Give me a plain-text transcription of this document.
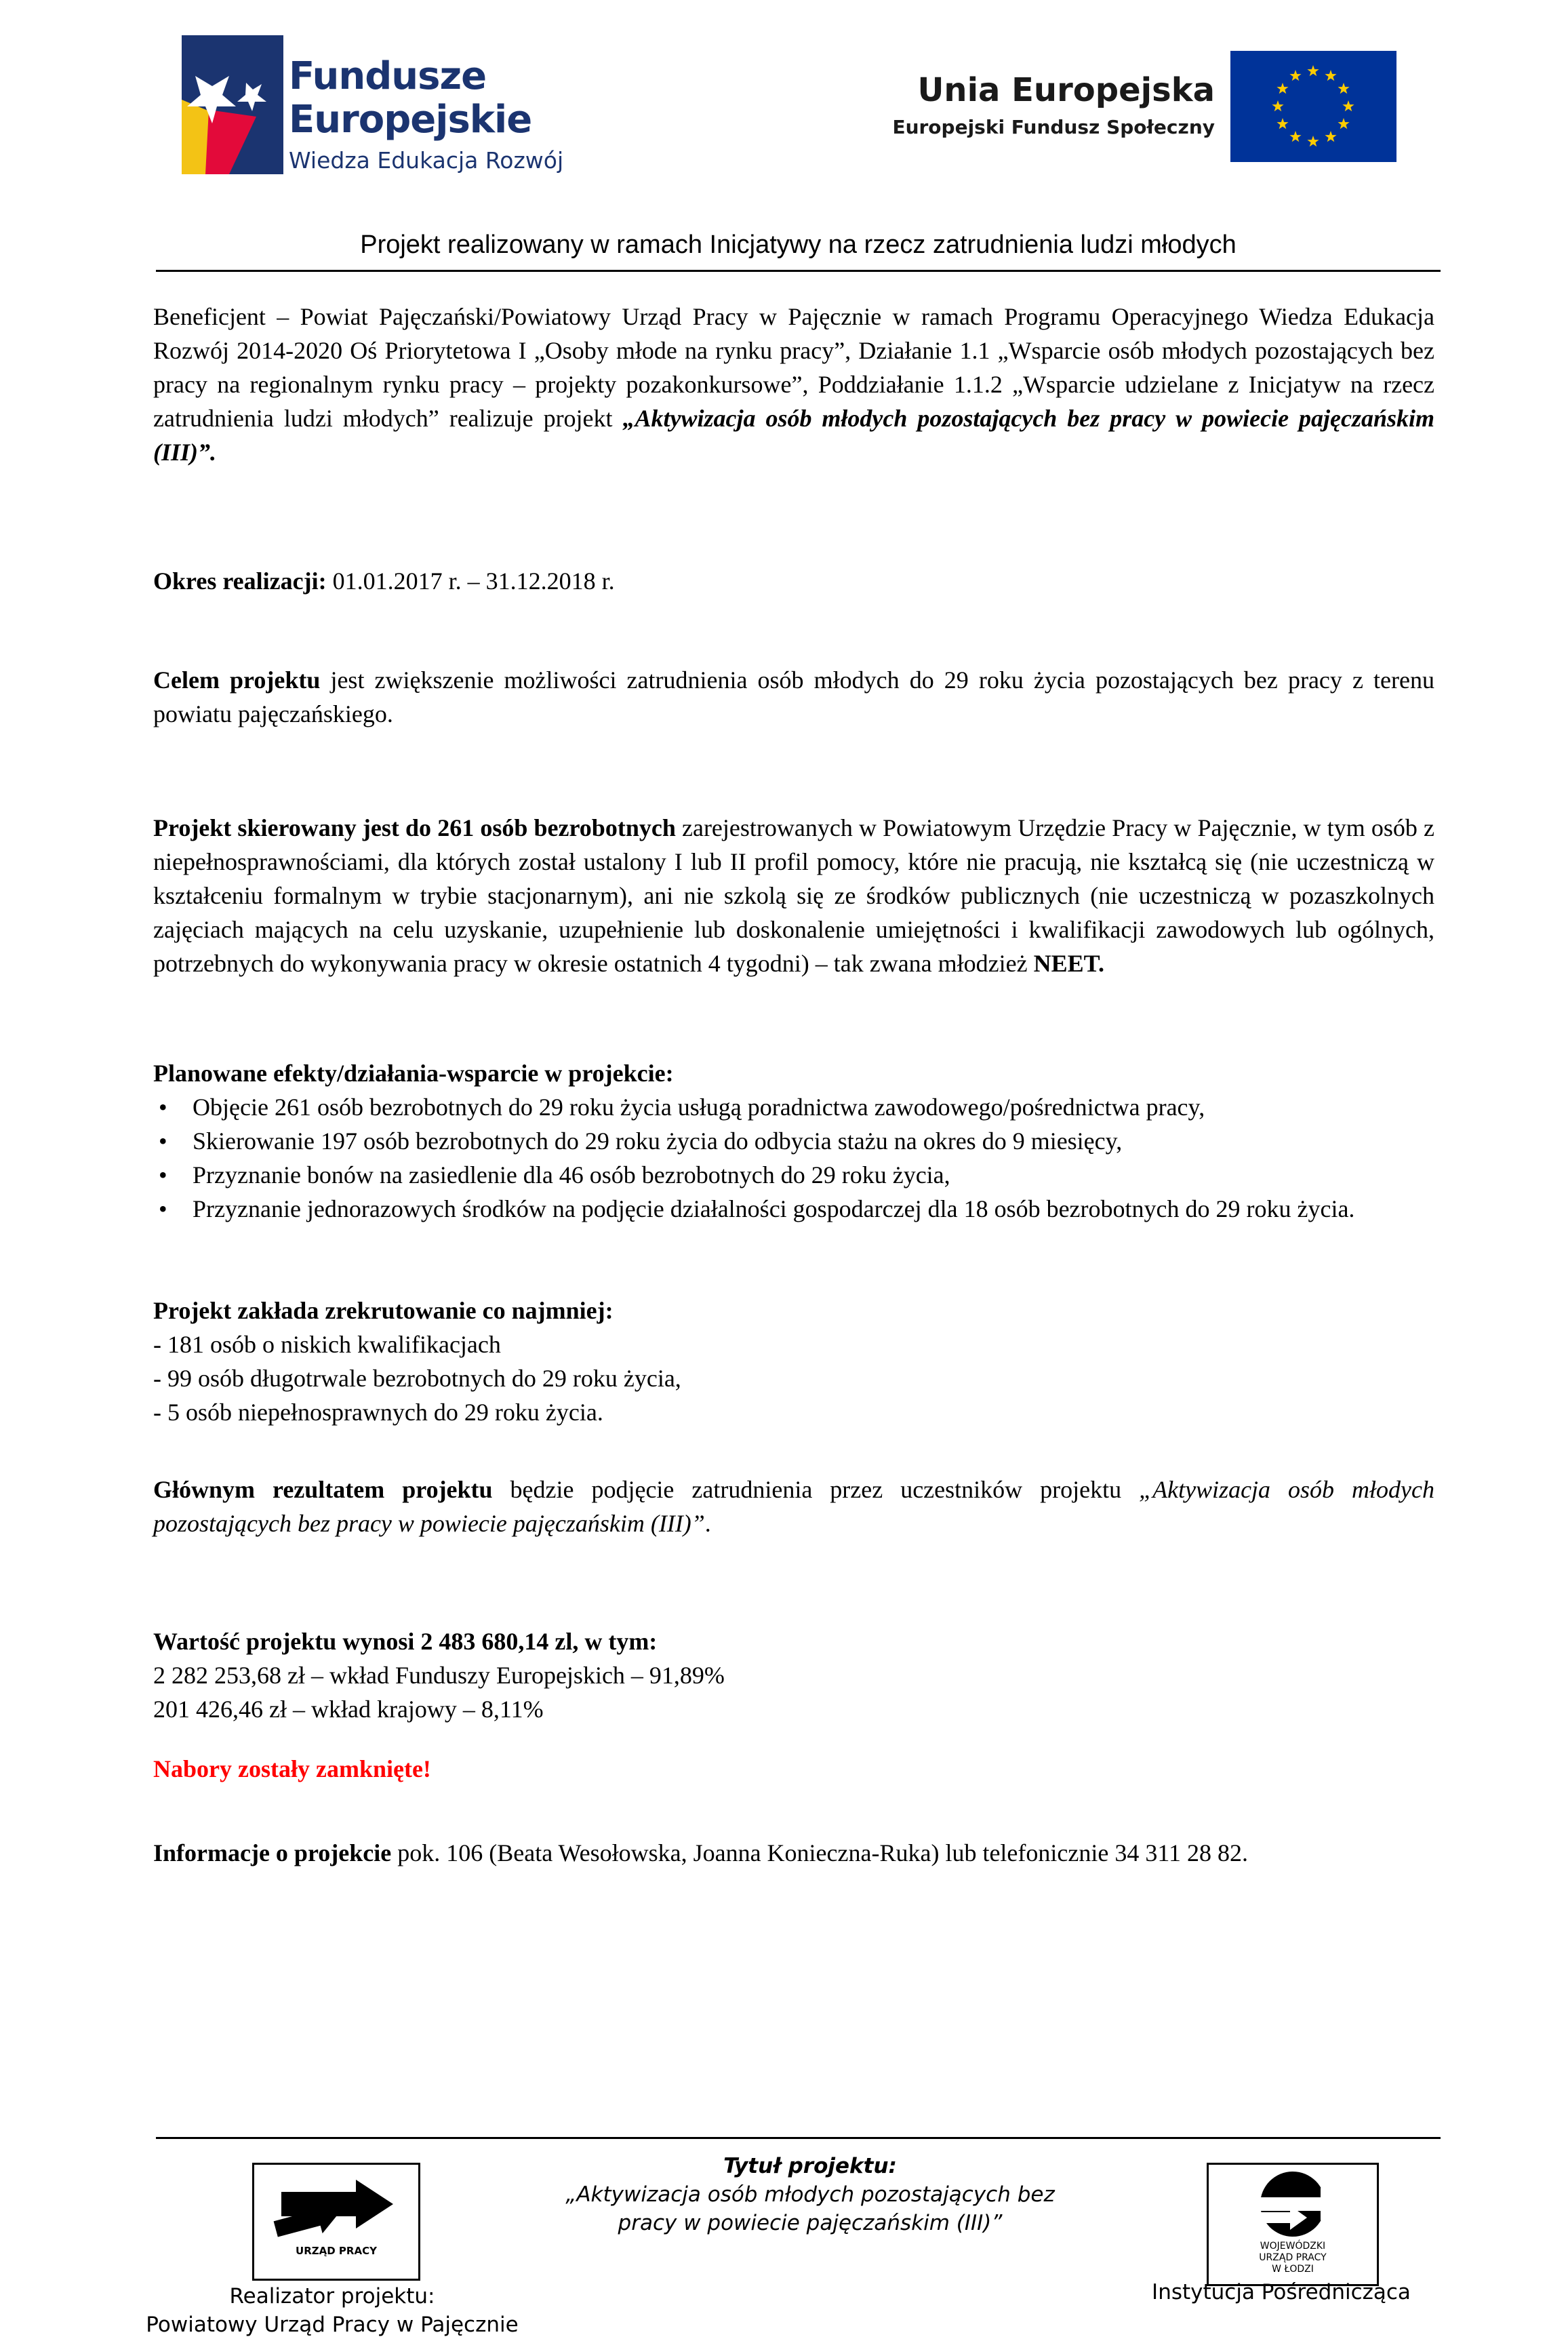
Fundusze
Europejskie
Wiedza Edukacja Rozwój
Unia Europejska
Europejski Fundusz Społeczny
Projekt realizowany w ramach Inicjatywy na rzecz zatrudnienia ludzi młodych

Beneficjent – Powiat Pajęczański/Powiatowy Urząd Pracy w Pajęcznie w ramach Programu Operacyjnego Wiedza Edukacja Rozwój 2014-2020 Oś Priorytetowa I „Osoby młode na rynku pracy”, Działanie 1.1 „Wsparcie osób młodych pozostających bez pracy na regionalnym rynku pracy – projekty pozakonkursowe”, Poddziałanie 1.1.2 „Wsparcie udzielane z Inicjatyw na rzecz zatrudnienia ludzi młodych” realizuje projekt „Aktywizacja osób młodych pozostających bez pracy w powiecie pajęczańskim (III)”.

Okres realizacji: 01.01.2017 r. – 31.12.2018 r.

Celem projektu jest zwiększenie możliwości zatrudnienia osób młodych do 29 roku życia pozostających bez pracy z terenu powiatu pajęczańskiego.

Projekt skierowany jest do 261 osób bezrobotnych zarejestrowanych w Powiatowym Urzędzie Pracy w Pajęcznie, w tym osób z niepełnosprawnościami, dla których został ustalony I lub II profil pomocy, które nie pracują, nie kształcą się (nie uczestniczą w kształceniu formalnym w trybie stacjonarnym), ani nie szkolą się ze środków publicznych (nie uczestniczą w pozaszkolnych zajęciach mających na celu uzyskanie, uzupełnienie lub doskonalenie umiejętności i kwalifikacji zawodowych lub ogólnych, potrzebnych do wykonywania pracy w okresie ostatnich 4 tygodni) – tak zwana młodzież NEET.

Planowane efekty/działania-wsparcie w projekcie:

• Objęcie 261 osób bezrobotnych do 29 roku życia usługą poradnictwa zawodowego/pośrednictwa pracy,
• Skierowanie 197 osób bezrobotnych do 29 roku życia do odbycia stażu na okres do 9 miesięcy,
• Przyznanie bonów na zasiedlenie dla 46 osób bezrobotnych do 29 roku życia,
• Przyznanie jednorazowych środków na podjęcie działalności gospodarczej dla 18 osób bezrobotnych do 29 roku życia.

Projekt zakłada zrekrutowanie co najmniej:

- 181 osób o niskich kwalifikacjach

- 99 osób długotrwale bezrobotnych do 29 roku życia,

- 5 osób niepełnosprawnych do 29 roku życia.

Głównym rezultatem projektu będzie podjęcie zatrudnienia przez uczestników projektu „Aktywizacja osób młodych pozostających bez pracy w powiecie pajęczańskim (III)”.

Wartość projektu wynosi 2 483 680,14 zl, w tym:

2 282 253,68 zł – wkład Funduszy Europejskich – 91,89%

201 426,46 zł – wkład krajowy – 8,11%

Nabory zostały zamknięte!

Informacje o projekcie pok. 106 (Beata Wesołowska, Joanna Konieczna-Ruka) lub telefonicznie 34 311 28 82.

URZĄD PRACY
Realizator projektu:
Powiatowy Urząd Pracy w Pajęcznie
Tytuł projektu:
„Aktywizacja osób młodych pozostających bez
pracy w powiecie pajęczańskim (III)”
WOJEWÓDZKI
URZĄD PRACY
W ŁODZI
Instytucja Pośrednicząca
